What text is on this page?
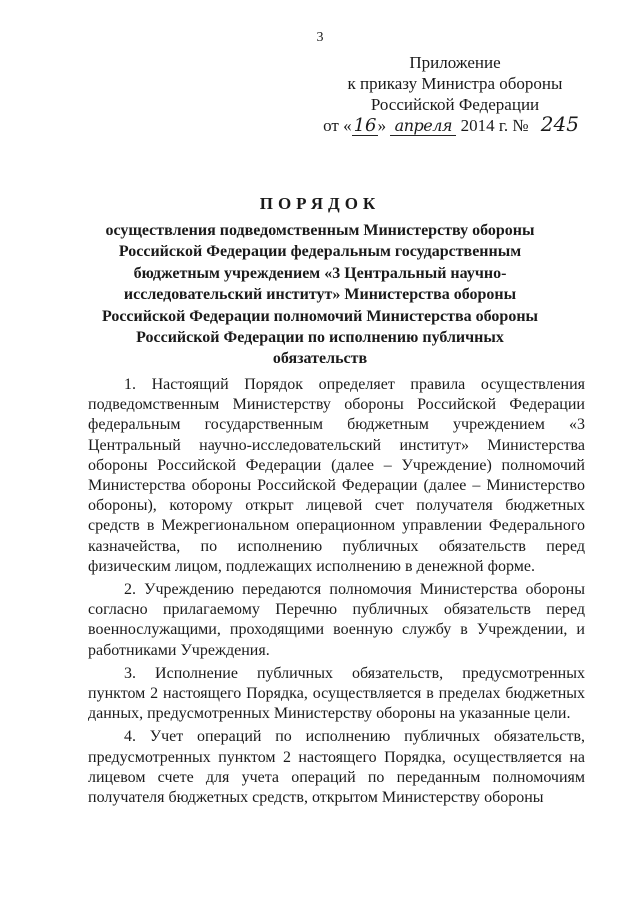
3
Приложение
к приказу Министра обороны
Российской Федерации
от « 16» апреля 2014 г. № 245
ПОРЯДОК
осуществления подведомственным Министерству обороны Российской Федерации федеральным государственным бюджетным учреждением «3 Центральный научно-исследовательский институт» Министерства обороны Российской Федерации полномочий Министерства обороны Российской Федерации по исполнению публичных обязательств

1. Настоящий Порядок определяет правила осуществления подведомственным Министерству обороны Российской Федерации федеральным государственным бюджетным учреждением «3 Центральный научно-исследовательский институт» Министерства обороны Российской Федерации (далее – Учреждение) полномочий Министерства обороны Российской Федерации (далее – Министерство обороны), которому открыт лицевой счет получателя бюджетных средств в Межрегиональном операционном управлении Федерального казначейства, по исполнению публичных обязательств перед физическим лицом, подлежащих исполнению в денежной форме.

2. Учреждению передаются полномочия Министерства обороны согласно прилагаемому Перечню публичных обязательств перед военнослужащими, проходящими военную службу в Учреждении, и работниками Учреждения.

3. Исполнение публичных обязательств, предусмотренных пунктом 2 настоящего Порядка, осуществляется в пределах бюджетных данных, предусмотренных Министерству обороны на указанные цели.

4. Учет операций по исполнению публичных обязательств, предусмотренных пунктом 2 настоящего Порядка, осуществляется на лицевом счете для учета операций по переданным полномочиям получателя бюджетных средств, открытом Министерству обороны
